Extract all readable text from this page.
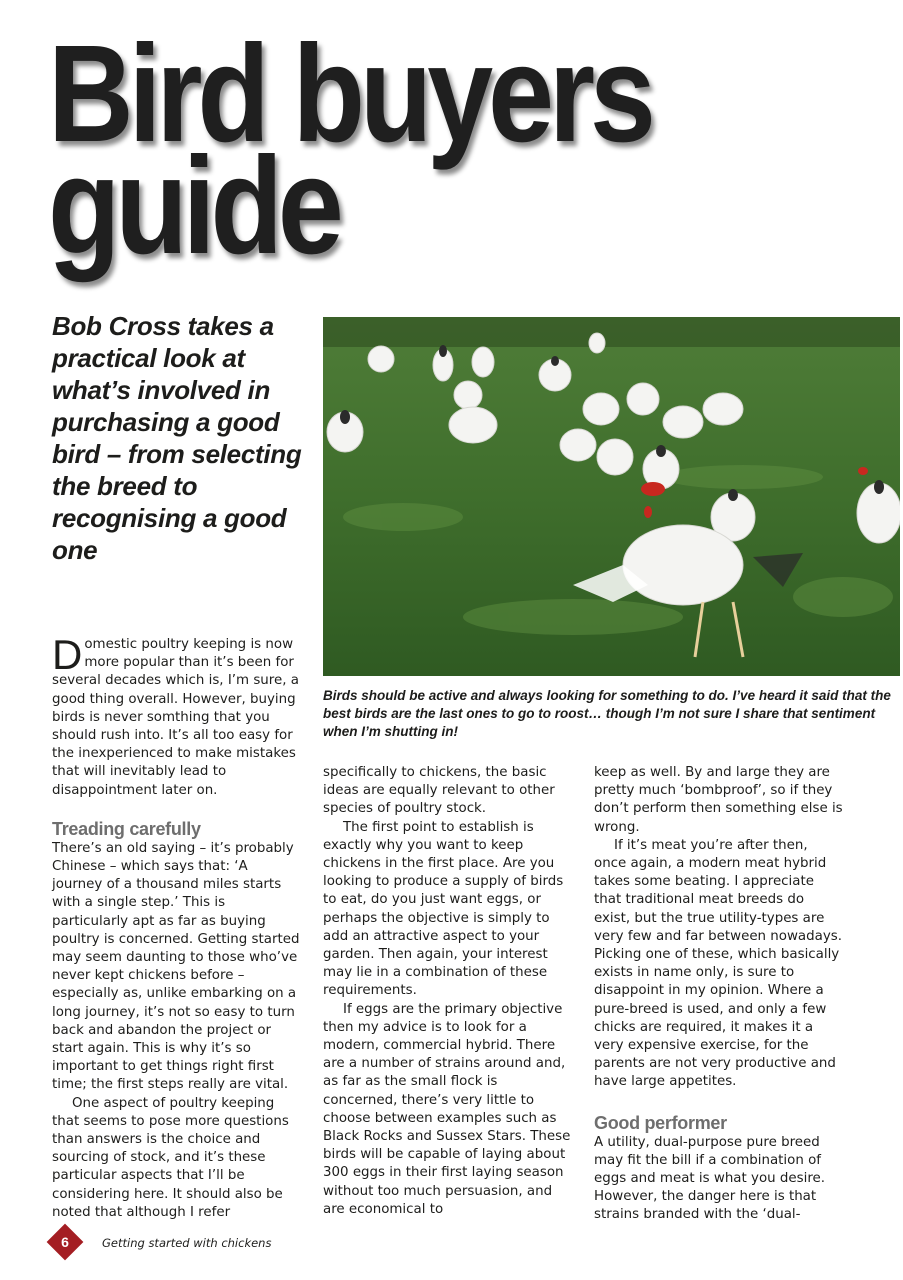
Bird buyers
guide

Bob Cross takes a practical look at what’s involved in purchasing a good bird – from selecting the breed to recognising a good one

Birds should be active and always looking for something to do. I’ve heard it said that the best birds are the last ones to go to roost… though I’m not sure I share that sentiment when I’m shutting in!

Domestic poultry keeping is now more popular than it’s been for several decades which is, I’m sure, a good thing overall. However, buying birds is never somthing that you should rush into. It’s all too easy for the inexperienced to make mistakes that will inevitably lead to disappointment later on.

Treading carefully

There’s an old saying – it’s probably Chinese – which says that: ‘A journey of a thousand miles starts with a single step.’ This is particularly apt as far as buying poultry is concerned. Getting started may seem daunting to those who’ve never kept chickens before – especially as, unlike embarking on a long journey, it’s not so easy to turn back and abandon the project or start again. This is why it’s so important to get things right first time; the first steps really are vital.

One aspect of poultry keeping that seems to pose more questions than answers is the choice and sourcing of stock, and it’s these particular aspects that I’ll be considering here. It should also be noted that although I refer

specifically to chickens, the basic ideas are equally relevant to other species of poultry stock.

The first point to establish is exactly why you want to keep chickens in the first place. Are you looking to produce a supply of birds to eat, do you just want eggs, or perhaps the objective is simply to add an attractive aspect to your garden. Then again, your interest may lie in a combination of these requirements.

If eggs are the primary objective then my advice is to look for a modern, commercial hybrid. There are a number of strains around and, as far as the small flock is concerned, there’s very little to choose between examples such as Black Rocks and Sussex Stars. These birds will be capable of laying about 300 eggs in their first laying season without too much persuasion, and are economical to

keep as well. By and large they are pretty much ‘bombproof’, so if they don’t perform then something else is wrong.

If it’s meat you’re after then, once again, a modern meat hybrid takes some beating. I appreciate that traditional meat breeds do exist, but the true utility-types are very few and far between nowadays. Picking one of these, which basically exists in name only, is sure to disappoint in my opinion. Where a pure-breed is used, and only a few chicks are required, it makes it a very expensive exercise, for the parents are not very productive and have large appetites.

Good performer

A utility, dual-purpose pure breed may fit the bill if a combination of eggs and meat is what you desire. However, the danger here is that strains branded with the ‘dual-

6	Getting started with chickens
